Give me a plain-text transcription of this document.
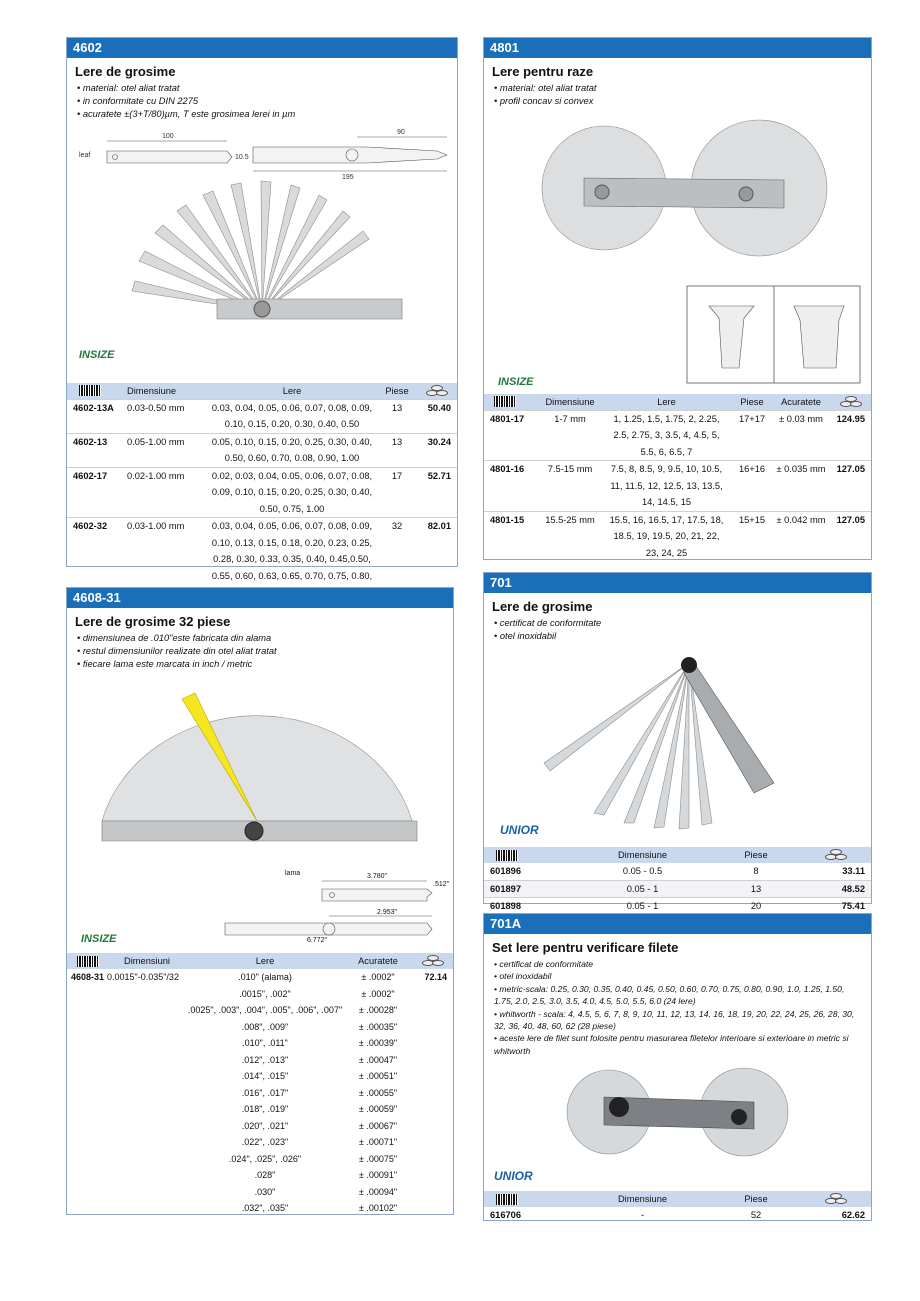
4602
Lere de grosime
• material: otel aliat tratat
• in conformitate cu DIN 2275
• acuratete ±(3+T/80)µm, T este grosimea lerei in µm
100
10.5
90
195
leaf
INSIZE
	Dimensiune	Lere	Piese	

4602-13A	0.03-0.50 mm	0.03, 0.04, 0.05, 0.06, 0.07, 0.08, 0.09,
0.10, 0.15, 0.20, 0.30, 0.40, 0.50	13	50.40
4602-13	0.05-1.00 mm	0.05, 0.10, 0.15, 0.20, 0.25, 0.30, 0.40,
0.50, 0.60, 0.70, 0.08, 0.90, 1.00	13	30.24
4602-17	0.02-1.00 mm	0.02, 0.03, 0.04, 0.05, 0.06, 0.07, 0.08,
0.09, 0.10, 0.15, 0.20, 0.25, 0.30, 0.40,
0.50, 0.75, 1.00	17	52.71
4602-32	0.03-1.00 mm	0.03, 0.04, 0.05, 0.06, 0.07, 0.08, 0.09,
0.10, 0.13, 0.15, 0.18, 0.20, 0.23, 0.25,
0.28, 0.30, 0.33, 0.35, 0.40, 0.45,0.50,
0.55, 0.60, 0.63, 0.65, 0.70, 0.75, 0.80,	32	82.01
4801
Lere pentru raze
• material: otel aliat tratat
• profil concav si convex
INSIZE
	Dimensiune	Lere	Piese	Acuratete	

4801-17	1-7 mm	1, 1.25, 1.5, 1.75, 2, 2.25,
2.5, 2.75, 3, 3.5, 4, 4.5, 5,
5.5, 6, 6.5, 7	17+17	± 0.03 mm	124.95
4801-16	7.5-15 mm	7.5, 8, 8.5, 9, 9.5, 10, 10.5,
11, 11.5, 12, 12.5, 13, 13.5,
14, 14.5, 15	16+16	± 0.035 mm	127.05
4801-15	15.5-25 mm	15.5, 16, 16.5, 17, 17.5, 18,
18.5, 19, 19.5, 20, 21, 22,
23, 24, 25	15+15	± 0.042 mm	127.05
4608-31
Lere de grosime 32 piese
• dimensiunea de .010"este fabricata din alama
• restul dimensiunilor realizate din otel aliat tratat
• fiecare lama este marcata in inch / metric
lama	3.780"
.512"
2.953"
6.772"
INSIZE
	Dimensiuni	Lere	Acuratete	

4608-31	0.0015"-0.035"/32	.010" (alama)	± .0002"	72.14
		.0015", .002"	± .0002"	
		.0025", .003", .004", .005", .006", .007"	± .00028"	
		.008", .009"	± .00035"	
		.010", .011"	± .00039"	
		.012", .013"	± .00047"	
		.014", .015"	± .00051"	
		.016", .017"	± .00055"	
		.018", .019"	± .00059"	
		.020", .021"	± .00067"	
		.022", .023"	± .00071"	
		.024", .025", .026"	± .00075"	
		.028"	± .00091"	
		.030"	± .00094"	
		.032", .035"	± .00102"	
701
Lere de grosime
• certificat de conformitate
• otel inoxidabil
UNIOR
	Dimensiune	Piese	

601896	0.05 - 0.5	8	33.11
601897	0.05 - 1	13	48.52
601898	0.05 - 1	20	75.41
701A
Set lere pentru verificare filete
• certificat de conformitate
• otel inoxidabil
• metric-scala: 0.25, 0.30, 0.35, 0.40, 0.45, 0.50, 0.60, 0.70, 0.75, 0.80, 0.90, 1.0, 1.25, 1.50, 1.75, 2.0, 2.5, 3.0, 3.5, 4.0, 4.5, 5.0, 5.5, 6.0 (24 lere)
• whitworth - scala: 4, 4.5, 5, 6, 7, 8, 9, 10, 11, 12, 13, 14, 16, 18, 19, 20, 22, 24, 25, 26, 28, 30, 32, 36, 40, 48, 60, 62 (28 piese)
• aceste lere de filet sunt folosite pentru masurarea filetelor interioare si exterioare in metric si whitworth
UNIOR
	Dimensiune	Piese	

616706	-	52	62.62
